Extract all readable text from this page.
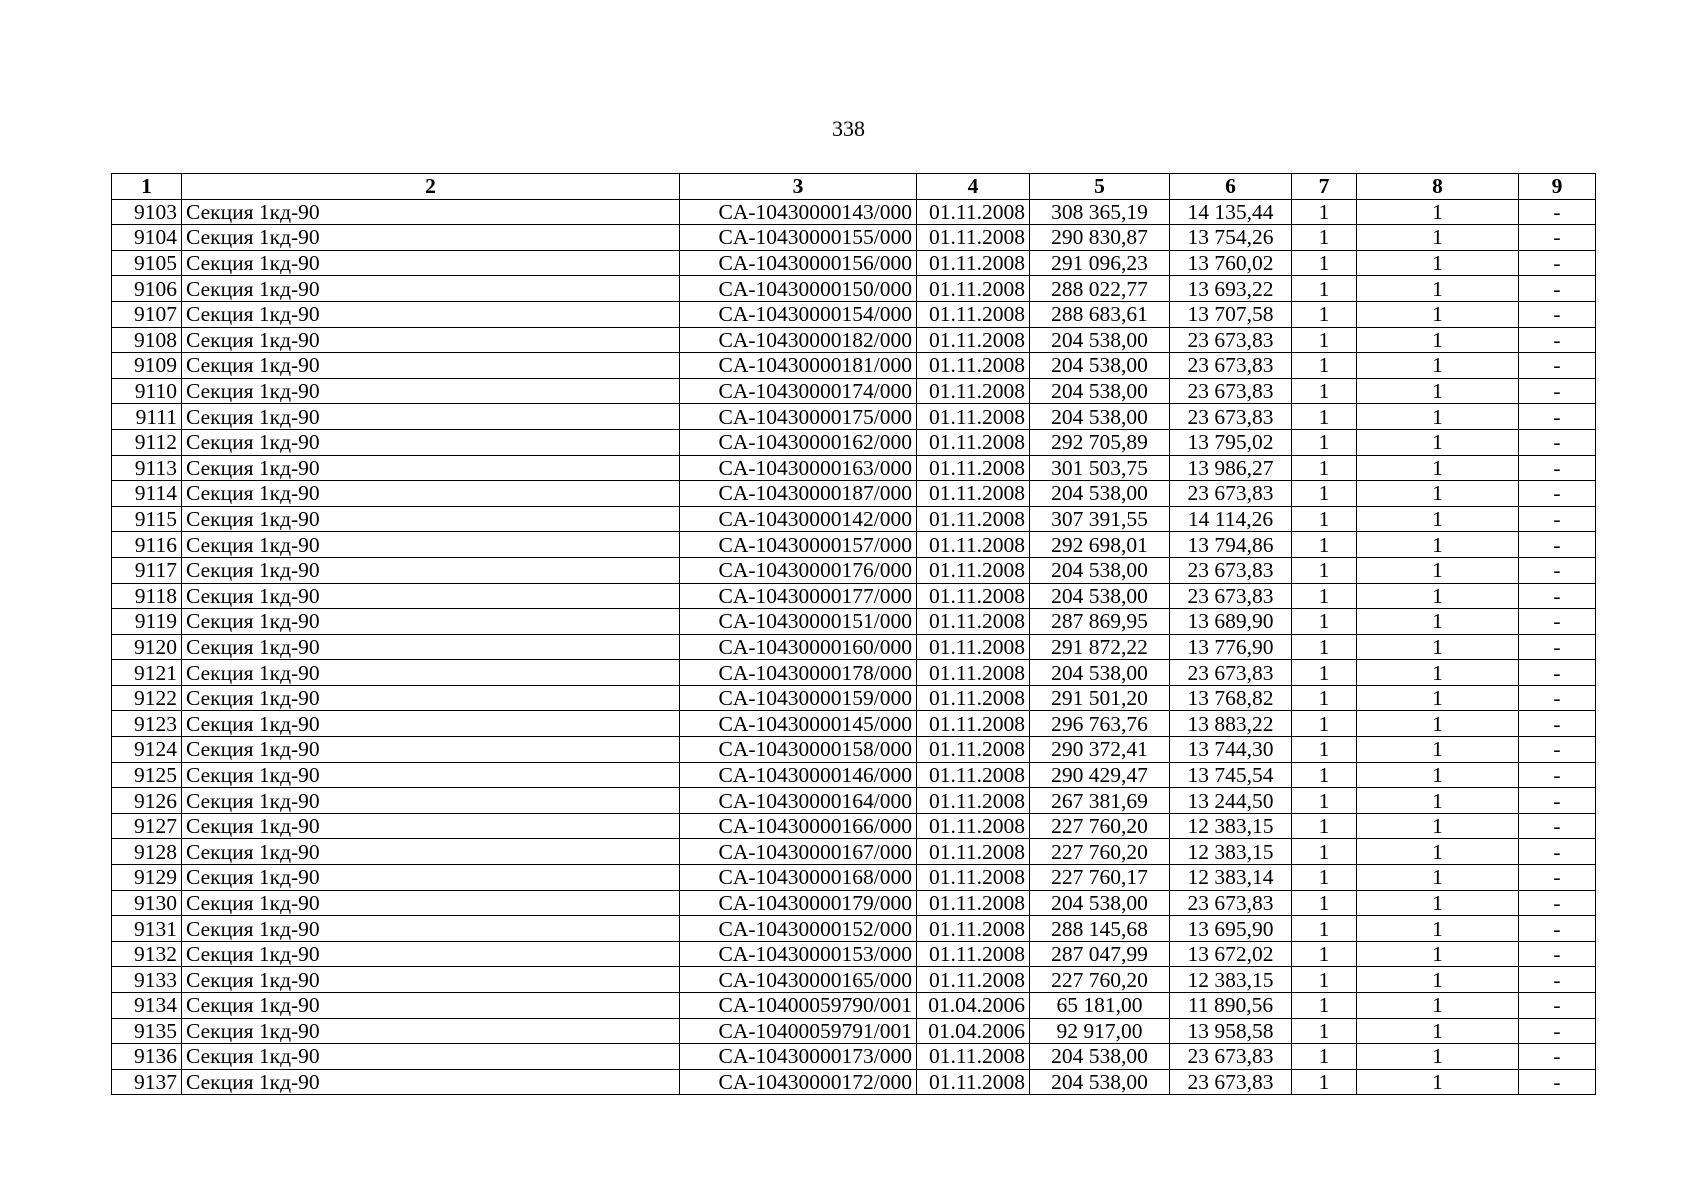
338
1	2	3	4	5	6	7	8	9
9103	Секция 1кд-90	CA-10430000143/000	01.11.2008	308 365,19	14 135,44	1	1	-
9104	Секция 1кд-90	CA-10430000155/000	01.11.2008	290 830,87	13 754,26	1	1	-
9105	Секция 1кд-90	CA-10430000156/000	01.11.2008	291 096,23	13 760,02	1	1	-
9106	Секция 1кд-90	CA-10430000150/000	01.11.2008	288 022,77	13 693,22	1	1	-
9107	Секция 1кд-90	CA-10430000154/000	01.11.2008	288 683,61	13 707,58	1	1	-
9108	Секция 1кд-90	CA-10430000182/000	01.11.2008	204 538,00	23 673,83	1	1	-
9109	Секция 1кд-90	CA-10430000181/000	01.11.2008	204 538,00	23 673,83	1	1	-
9110	Секция 1кд-90	CA-10430000174/000	01.11.2008	204 538,00	23 673,83	1	1	-
9111	Секция 1кд-90	CA-10430000175/000	01.11.2008	204 538,00	23 673,83	1	1	-
9112	Секция 1кд-90	CA-10430000162/000	01.11.2008	292 705,89	13 795,02	1	1	-
9113	Секция 1кд-90	CA-10430000163/000	01.11.2008	301 503,75	13 986,27	1	1	-
9114	Секция 1кд-90	CA-10430000187/000	01.11.2008	204 538,00	23 673,83	1	1	-
9115	Секция 1кд-90	CA-10430000142/000	01.11.2008	307 391,55	14 114,26	1	1	-
9116	Секция 1кд-90	CA-10430000157/000	01.11.2008	292 698,01	13 794,86	1	1	-
9117	Секция 1кд-90	CA-10430000176/000	01.11.2008	204 538,00	23 673,83	1	1	-
9118	Секция 1кд-90	CA-10430000177/000	01.11.2008	204 538,00	23 673,83	1	1	-
9119	Секция 1кд-90	CA-10430000151/000	01.11.2008	287 869,95	13 689,90	1	1	-
9120	Секция 1кд-90	CA-10430000160/000	01.11.2008	291 872,22	13 776,90	1	1	-
9121	Секция 1кд-90	CA-10430000178/000	01.11.2008	204 538,00	23 673,83	1	1	-
9122	Секция 1кд-90	CA-10430000159/000	01.11.2008	291 501,20	13 768,82	1	1	-
9123	Секция 1кд-90	CA-10430000145/000	01.11.2008	296 763,76	13 883,22	1	1	-
9124	Секция 1кд-90	CA-10430000158/000	01.11.2008	290 372,41	13 744,30	1	1	-
9125	Секция 1кд-90	CA-10430000146/000	01.11.2008	290 429,47	13 745,54	1	1	-
9126	Секция 1кд-90	CA-10430000164/000	01.11.2008	267 381,69	13 244,50	1	1	-
9127	Секция 1кд-90	CA-10430000166/000	01.11.2008	227 760,20	12 383,15	1	1	-
9128	Секция 1кд-90	CA-10430000167/000	01.11.2008	227 760,20	12 383,15	1	1	-
9129	Секция 1кд-90	CA-10430000168/000	01.11.2008	227 760,17	12 383,14	1	1	-
9130	Секция 1кд-90	CA-10430000179/000	01.11.2008	204 538,00	23 673,83	1	1	-
9131	Секция 1кд-90	CA-10430000152/000	01.11.2008	288 145,68	13 695,90	1	1	-
9132	Секция 1кд-90	CA-10430000153/000	01.11.2008	287 047,99	13 672,02	1	1	-
9133	Секция 1кд-90	CA-10430000165/000	01.11.2008	227 760,20	12 383,15	1	1	-
9134	Секция 1кд-90	CA-10400059790/001	01.04.2006	65 181,00	11 890,56	1	1	-
9135	Секция 1кд-90	CA-10400059791/001	01.04.2006	92 917,00	13 958,58	1	1	-
9136	Секция 1кд-90	CA-10430000173/000	01.11.2008	204 538,00	23 673,83	1	1	-
9137	Секция 1кд-90	CA-10430000172/000	01.11.2008	204 538,00	23 673,83	1	1	-
